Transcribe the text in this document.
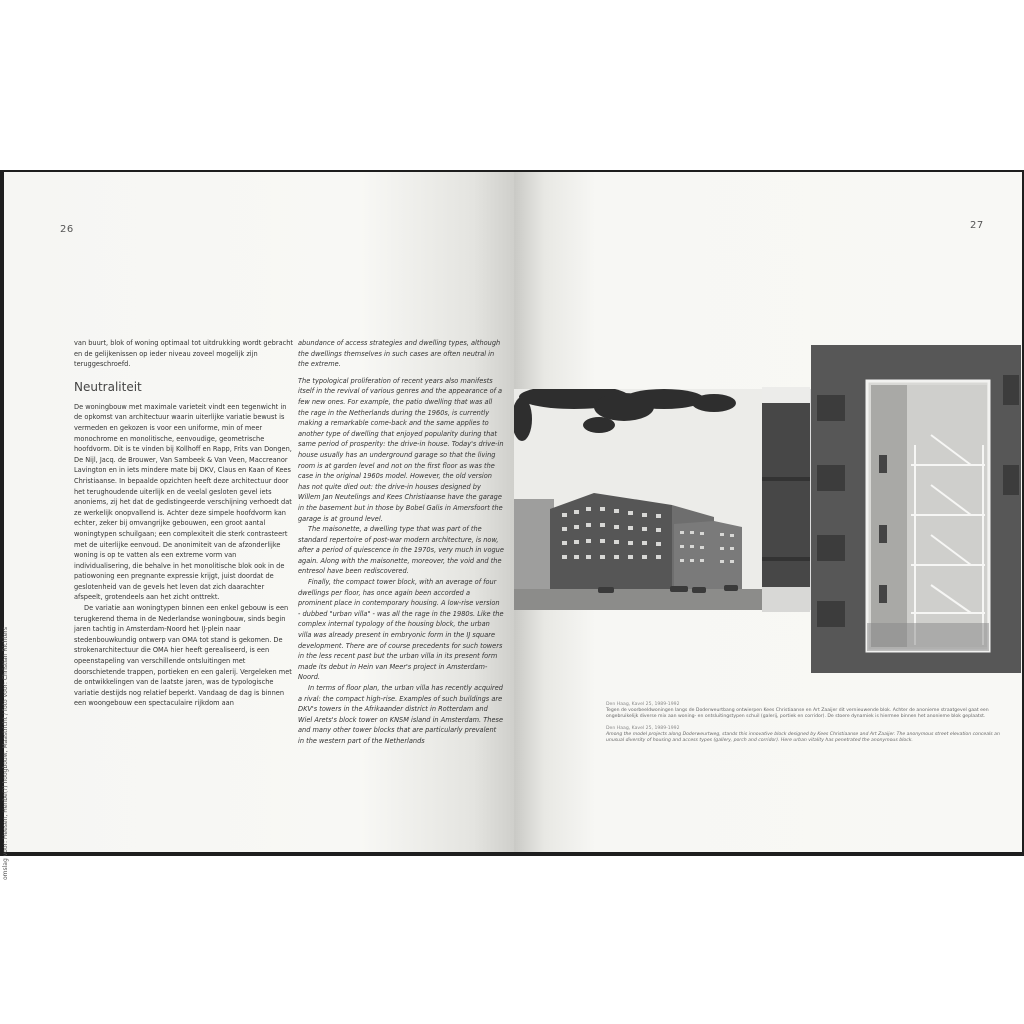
26

van buurt, blok of woning optimaal tot uitdrukking wordt gebracht en de gelijkenissen op ieder niveau zoveel mogelijk zijn teruggeschroefd.

Neutraliteit

De woningbouw met maximale varieteit vindt een tegenwicht in de opkomst van architectuur waarin uiterlijke variatie bewust is vermeden en gekozen is voor een uniforme, min of meer monochrome en monolitische, eenvoudige, geometrische hoofdvorm. Dit is te vinden bij Kollhoff en Rapp, Frits van Dongen, De Nijl, Jacq. de Brouwer, Van Sambeek & Van Veen, Maccreanor Lavington en in iets mindere mate bij DKV, Claus en Kaan of Kees Christiaanse. In bepaalde opzichten heeft deze architectuur door het terughoudende uiterlijk en de veelal gesloten gevel iets anoniems, zij het dat de gedistingeerde verschijning verhoedt dat ze werkelijk onopvallend is. Achter deze simpele hoofdvorm kan echter, zeker bij omvangrijke gebouwen, een groot aantal woningtypen schuilgaan; een complexiteit die sterk contrasteert met de uiterlijke eenvoud. De anonimiteit van de afzonderlijke woning is op te vatten als een extreme vorm van individualisering, die behalve in het monolitische blok ook in de patiowoning een pregnante expressie krijgt, juist doordat de geslotenheid van de gevels het leven dat zich daarachter afspeelt, grotendeels aan het zicht onttrekt.

De variatie aan woningtypen binnen een enkel gebouw is een terugkerend thema in de Nederlandse woningbouw, sinds begin jaren tachtig in Amsterdam-Noord het IJ-plein naar stedenbouwkundig ontwerp van OMA tot stand is gekomen. De strokenarchitectuur die OMA hier heeft gerealiseerd, is een opeenstapeling van verschillende ontsluitingen met doorschietende trappen, portieken en een galerij. Vergeleken met de ontwikkelingen van de laatste jaren, was de typologische variatie destijds nog relatief beperkt. Vandaag de dag is binnen een woongebouw een spectaculaire rijkdom aan

abundance of access strategies and dwelling types, although the dwellings themselves in such cases are often neutral in the extreme.

The typological proliferation of recent years also manifests itself in the revival of various genres and the appearance of a few new ones. For example, the patio dwelling that was all the rage in the Netherlands during the 1960s, is currently making a remarkable come-back and the same applies to another type of dwelling that enjoyed popularity during that same period of prosperity: the drive-in house. Today's drive-in house usually has an underground garage so that the living room is at garden level and not on the first floor as was the case in the original 1960s model. However, the old version has not quite died out: the drive-in houses designed by Willem Jan Neutelings and Kees Christiaanse have the garage in the basement but in those by Bobel Galis in Amersfoort the garage is at ground level.

The maisonette, a dwelling type that was part of the standard repertoire of post-war modern architecture, is now, after a period of quiescence in the 1970s, very much in vogue again. Along with the maisonette, moreover, the void and the entresol have been rediscovered.

Finally, the compact tower block, with an average of four dwellings per floor, has once again been accorded a prominent place in contemporary housing. A low-rise version - dubbed "urban villa" - was all the rage in the 1980s. Like the complex internal typology of the housing block, the urban villa was already present in embryonic form in the IJ square development. There are of course precedents for such towers in the less recent past but the urban villa in its present form made its debut in Hein van Meer's project in Amsterdam-Noord.

In terms of floor plan, the urban villa has recently acquired a rival: the compact high-rise. Examples of such buildings are DKV's towers in the Afrikaander district in Rotterdam and Wiel Arets's block tower on KNSM island in Amsterdam. These and many other tower blocks that are particularly prevalent in the western part of the Netherlands

omslag voor: Heesen, Henbe(?) hoogbouw, Maastricht / foto voor: Christian Richters
27

Den Haag, Kavel 25, 1989-1992
Tegen de voorbeeldwoningen langs de Doderweurtbang ontwierpen Kees Christiaanse en Art Zaaijer dit vernieuwende blok. Achter de anonieme straatgevel gaat een ongebruikelijk diverse mix aan woning- en ontsluitingstypen schuil (galerij, portiek en corridor). De stoere dynamiek is hiermee binnen het anonieme blok geplaatst.

Den Haag, Kavel 25, 1989-1992
Among the model projects along Doderweurtweg, stands this innovative block designed by Kees Christiaanse and Art Zaaijer. The anonymous street elevation conceals an unusual diversity of housing and access types (gallery, porch and corridor). Here urban vitality has penetrated the anonymous block.
